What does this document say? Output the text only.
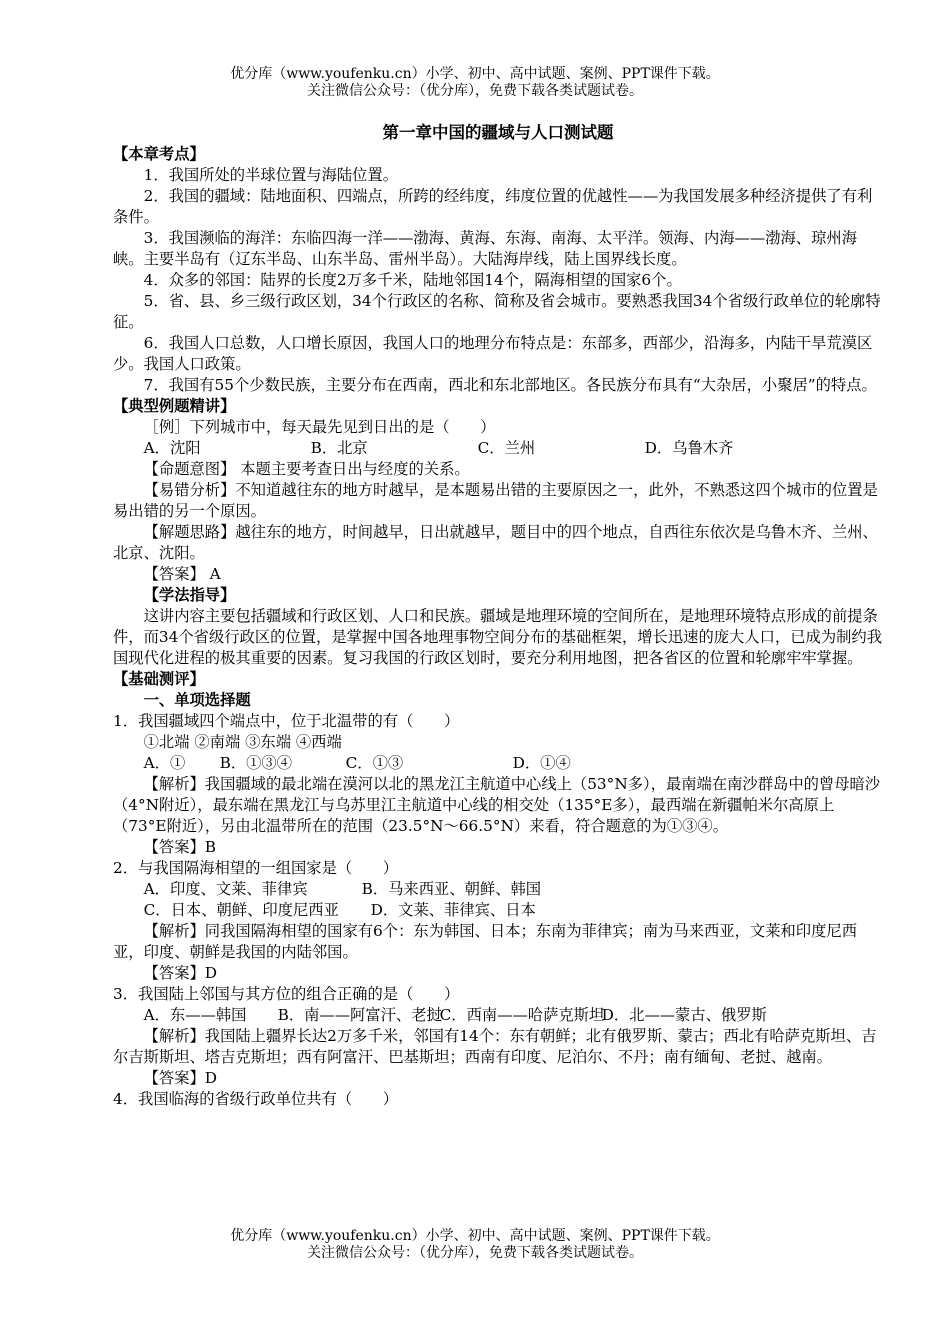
优分库（www.youfenku.cn）小学、初中、高中试题、案例、PPT课件下载。
关注微信公众号：（优分库），免费下载各类试题试卷。

第一章中国的疆域与人口测试题

【本章考点】

1．我国所处的半球位置与海陆位置。

2．我国的疆域：陆地面积、四端点，所跨的经纬度，纬度位置的优越性——为我国发展多种经济提供了有利条件。

3．我国濒临的海洋：东临四海一洋——渤海、黄海、东海、南海、太平洋。领海、内海——渤海、琼州海峡。主要半岛有（辽东半岛、山东半岛、雷州半岛）。大陆海岸线，陆上国界线长度。

4．众多的邻国：陆界的长度2万多千米，陆地邻国14个，隔海相望的国家6个。

5．省、县、乡三级行政区划，34个行政区的名称、简称及省会城市。要熟悉我国34个省级行政单位的轮廓特征。

6．我国人口总数，人口增长原因，我国人口的地理分布特点是：东部多，西部少，沿海多，内陆干旱荒漠区少。我国人口政策。

7．我国有55个少数民族，主要分布在西南，西北和东北部地区。各民族分布具有“大杂居，小聚居”的特点。

【典型例题精讲】

［例］下列城市中，每天最先见到日出的是（　　）

A．沈阳	B．北京	C．兰州	D．乌鲁木齐

【命题意图】 本题主要考查日出与经度的关系。

【易错分析】不知道越往东的地方时越早，是本题易出错的主要原因之一，此外，不熟悉这四个城市的位置是易出错的另一个原因。

【解题思路】越往东的地方，时间越早，日出就越早，题目中的四个地点，自西往东依次是乌鲁木齐、兰州、北京、沈阳。

【答案】 A

【学法指导】

这讲内容主要包括疆域和行政区划、人口和民族。疆域是地理环境的空间所在，是地理环境特点形成的前提条件，而34个省级行政区的位置，是掌握中国各地理事物空间分布的基础框架，增长迅速的庞大人口，已成为制约我国现代化进程的极其重要的因素。复习我国的行政区划时，要充分利用地图，把各省区的位置和轮廓牢牢掌握。

【基础测评】

一、单项选择题

1．我国疆域四个端点中，位于北温带的有（　　）

①北端 ②南端 ③东端 ④西端

A．① B．①③④	C．①③	D．①④

【解析】我国疆域的最北端在漠河以北的黑龙江主航道中心线上（53°N多），最南端在南沙群岛中的曾母暗沙（4°N附近），最东端在黑龙江与乌苏里江主航道中心线的相交处（135°E多），最西端在新疆帕米尔高原上（73°E附近），另由北温带所在的范围（23.5°N～66.5°N）来看，符合题意的为①③④。

【答案】B

2．与我国隔海相望的一组国家是（　　）

A．印度、文莱、菲律宾	B．马来西亚、朝鲜、韩国

C．日本、朝鲜、印度尼西亚 D．文莱、菲律宾、日本

【解析】同我国隔海相望的国家有6个：东为韩国、日本；东南为菲律宾；南为马来西亚，文莱和印度尼西亚，印度、朝鲜是我国的内陆邻国。

【答案】D

3．我国陆上邻国与其方位的组合正确的是（　　）

A．东——韩国 B．南——阿富汗、老挝C．西南——哈萨克斯坦D．北——蒙古、俄罗斯

【解析】我国陆上疆界长达2万多千米，邻国有14个：东有朝鲜；北有俄罗斯、蒙古；西北有哈萨克斯坦、吉尔吉斯斯坦、塔吉克斯坦；西有阿富汗、巴基斯坦；西南有印度、尼泊尔、不丹；南有缅甸、老挝、越南。

【答案】D

4．我国临海的省级行政单位共有（　　）

优分库（www.youfenku.cn）小学、初中、高中试题、案例、PPT课件下载。
关注微信公众号：（优分库），免费下载各类试题试卷。
